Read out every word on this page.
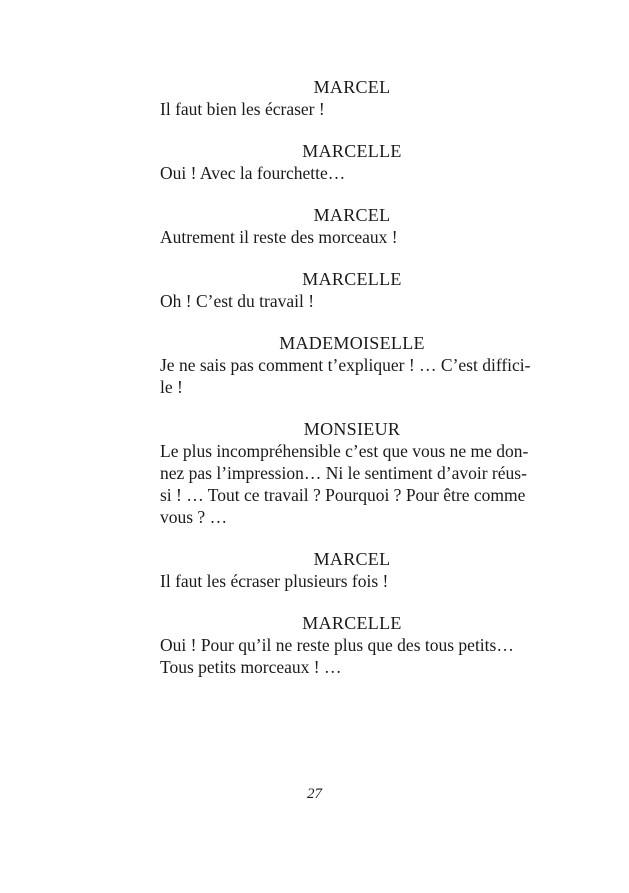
MARCEL

Il faut bien les écraser !

MARCELLE

Oui ! Avec la fourchette…

MARCEL

Autrement il reste des morceaux !

MARCELLE

Oh ! C’est du travail !

MADEMOISELLE

Je ne sais pas comment t’expliquer ! … C’est diffici-

le !

MONSIEUR

Le plus incompréhensible c’est que vous ne me don-

nez pas l’impression… Ni le sentiment d’avoir réus-

si ! … Tout ce travail ? Pourquoi ? Pour être comme

vous ? …

MARCEL

Il faut les écraser plusieurs fois !

MARCELLE

Oui ! Pour qu’il ne reste plus que des tous petits…

Tous petits morceaux ! …

27
